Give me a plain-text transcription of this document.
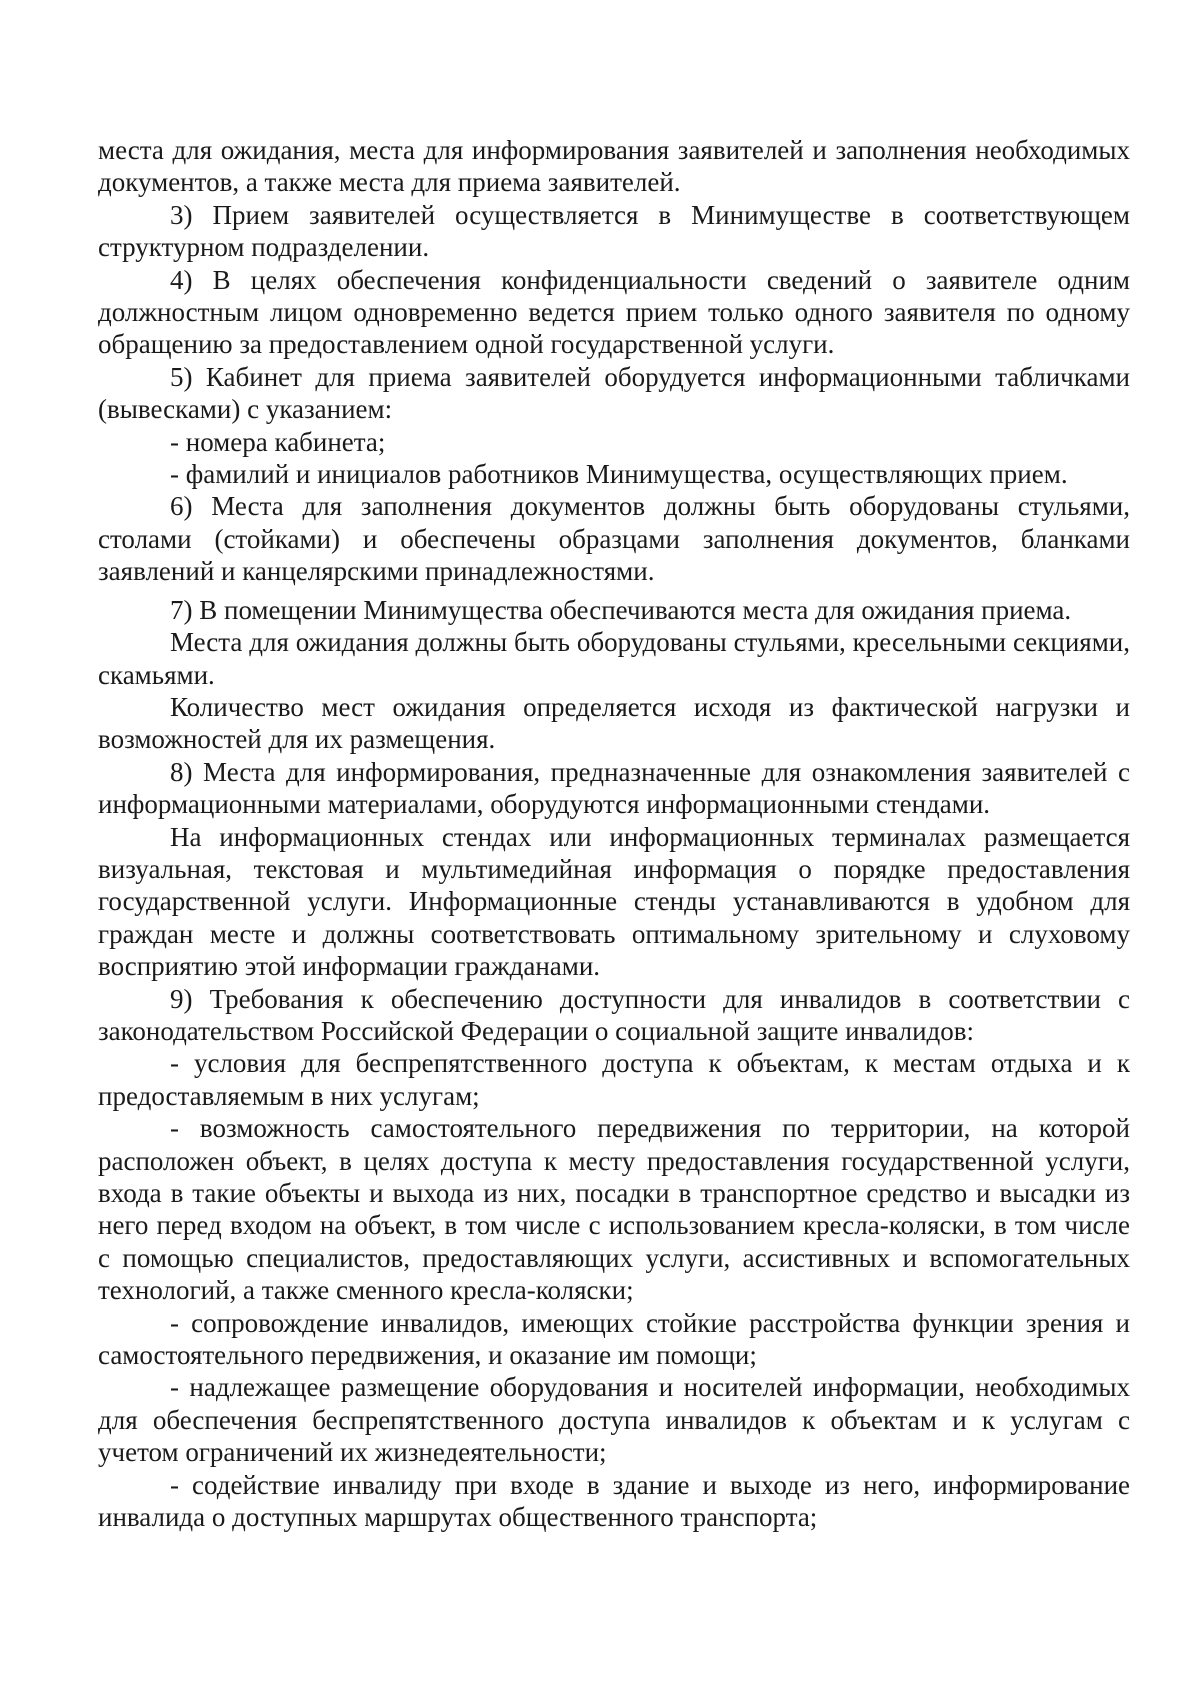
места для ожидания, места для информирования заявителей и заполнения необходимых документов, а также места для приема заявителей.

3) Прием заявителей осуществляется в Минимуществе в соответствующем структурном подразделении.

4) В целях обеспечения конфиденциальности сведений о заявителе одним должностным лицом одновременно ведется прием только одного заявителя по одному обращению за предоставлением одной государственной услуги.

5) Кабинет для приема заявителей оборудуется информационными табличками (вывесками) с указанием:

- номера кабинета;

- фамилий и инициалов работников Минимущества, осуществляющих прием.

6) Места для заполнения документов должны быть оборудованы стульями, столами (стойками) и обеспечены образцами заполнения документов, бланками заявлений и канцелярскими принадлежностями.

7) В помещении Минимущества обеспечиваются места для ожидания приема.

Места для ожидания должны быть оборудованы стульями, кресельными секциями, скамьями.

Количество мест ожидания определяется исходя из фактической нагрузки и возможностей для их размещения.

8) Места для информирования, предназначенные для ознакомления заявителей с информационными материалами, оборудуются информационными стендами.

На информационных стендах или информационных терминалах размещается визуальная, текстовая и мультимедийная информация о порядке предоставления государственной услуги. Информационные стенды устанавливаются в удобном для граждан месте и должны соответствовать оптимальному зрительному и слуховому восприятию этой информации гражданами.

9) Требования к обеспечению доступности для инвалидов в соответствии с законодательством Российской Федерации о социальной защите инвалидов:

- условия для беспрепятственного доступа к объектам, к местам отдыха и к предоставляемым в них услугам;

- возможность самостоятельного передвижения по территории, на которой расположен объект, в целях доступа к месту предоставления государственной услуги, входа в такие объекты и выхода из них, посадки в транспортное средство и высадки из него перед входом на объект, в том числе с использованием кресла-коляски, в том числе с помощью специалистов, предоставляющих услуги, ассистивных и вспомогательных технологий, а также сменного кресла-коляски;

- сопровождение инвалидов, имеющих стойкие расстройства функции зрения и самостоятельного передвижения, и оказание им помощи;

- надлежащее размещение оборудования и носителей информации, необходимых для обеспечения беспрепятственного доступа инвалидов к объектам и к услугам с учетом ограничений их жизнедеятельности;

- содействие инвалиду при входе в здание и выходе из него, информирование инвалида о доступных маршрутах общественного транспорта;
